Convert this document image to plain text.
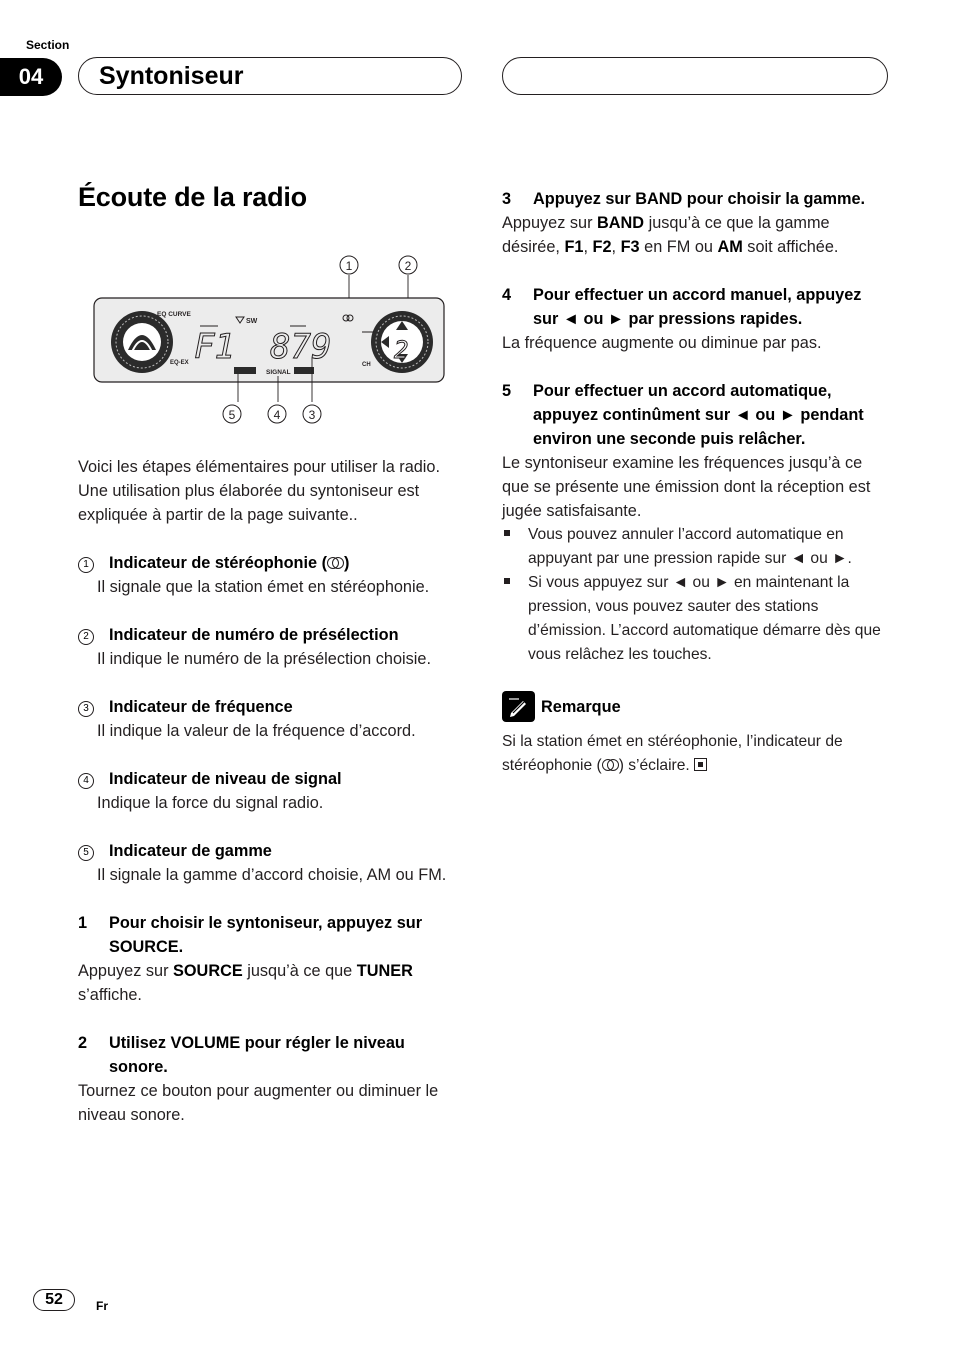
Section
04	Syntoniseur
Écoute de la radio
1	2
EQ CURVE
EQ-EX
SW
F1 879	2
CH
SIGNAL
5	4 3

Voici les étapes élémentaires pour utiliser la radio. Une utilisation plus élaborée du syntoniseur est expliquée à partir de la page suivante..

1	Indicateur de stéréophonie ( )

Il signale que la station émet en stéréophonie.

2	Indicateur de numéro de présélection

Il indique le numéro de la présélection choisie.

3	Indicateur de fréquence

Il indique la valeur de la fréquence d’accord.

4	Indicateur de niveau de signal

Indique la force du signal radio.

5	Indicateur de gamme

Il signale la gamme d’accord choisie, AM ou FM.

1	Pour choisir le syntoniseur, appuyez sur SOURCE.

Appuyez sur SOURCE jusqu’à ce que TUNER s’affiche.

2	Utilisez VOLUME pour régler le niveau sonore.

Tournez ce bouton pour augmenter ou diminuer le niveau sonore.

3	Appuyez sur BAND pour choisir la gamme.

Appuyez sur BAND jusqu’à ce que la gamme désirée, F1, F2, F3 en FM ou AM soit affichée.

4	Pour effectuer un accord manuel, appuyez sur ◄ ou ► par pressions rapides.

La fréquence augmente ou diminue par pas.

5	Pour effectuer un accord automatique, appuyez continûment sur ◄ ou ► pendant environ une seconde puis relâcher.

Le syntoniseur examine les fréquences jusqu’à ce que se présente une émission dont la réception est jugée satisfaisante.

Vous pouvez annuler l’accord automatique en appuyant par une pression rapide sur ◄ ou ►.
Si vous appuyez sur ◄ ou ► en maintenant la pression, vous pouvez sauter des stations d’émission. L’accord automatique démarre dès que vous relâchez les touches.
Remarque

Si la station émet en stéréophonie, l’indicateur de stéréophonie ( ) s’éclaire.

52	Fr
